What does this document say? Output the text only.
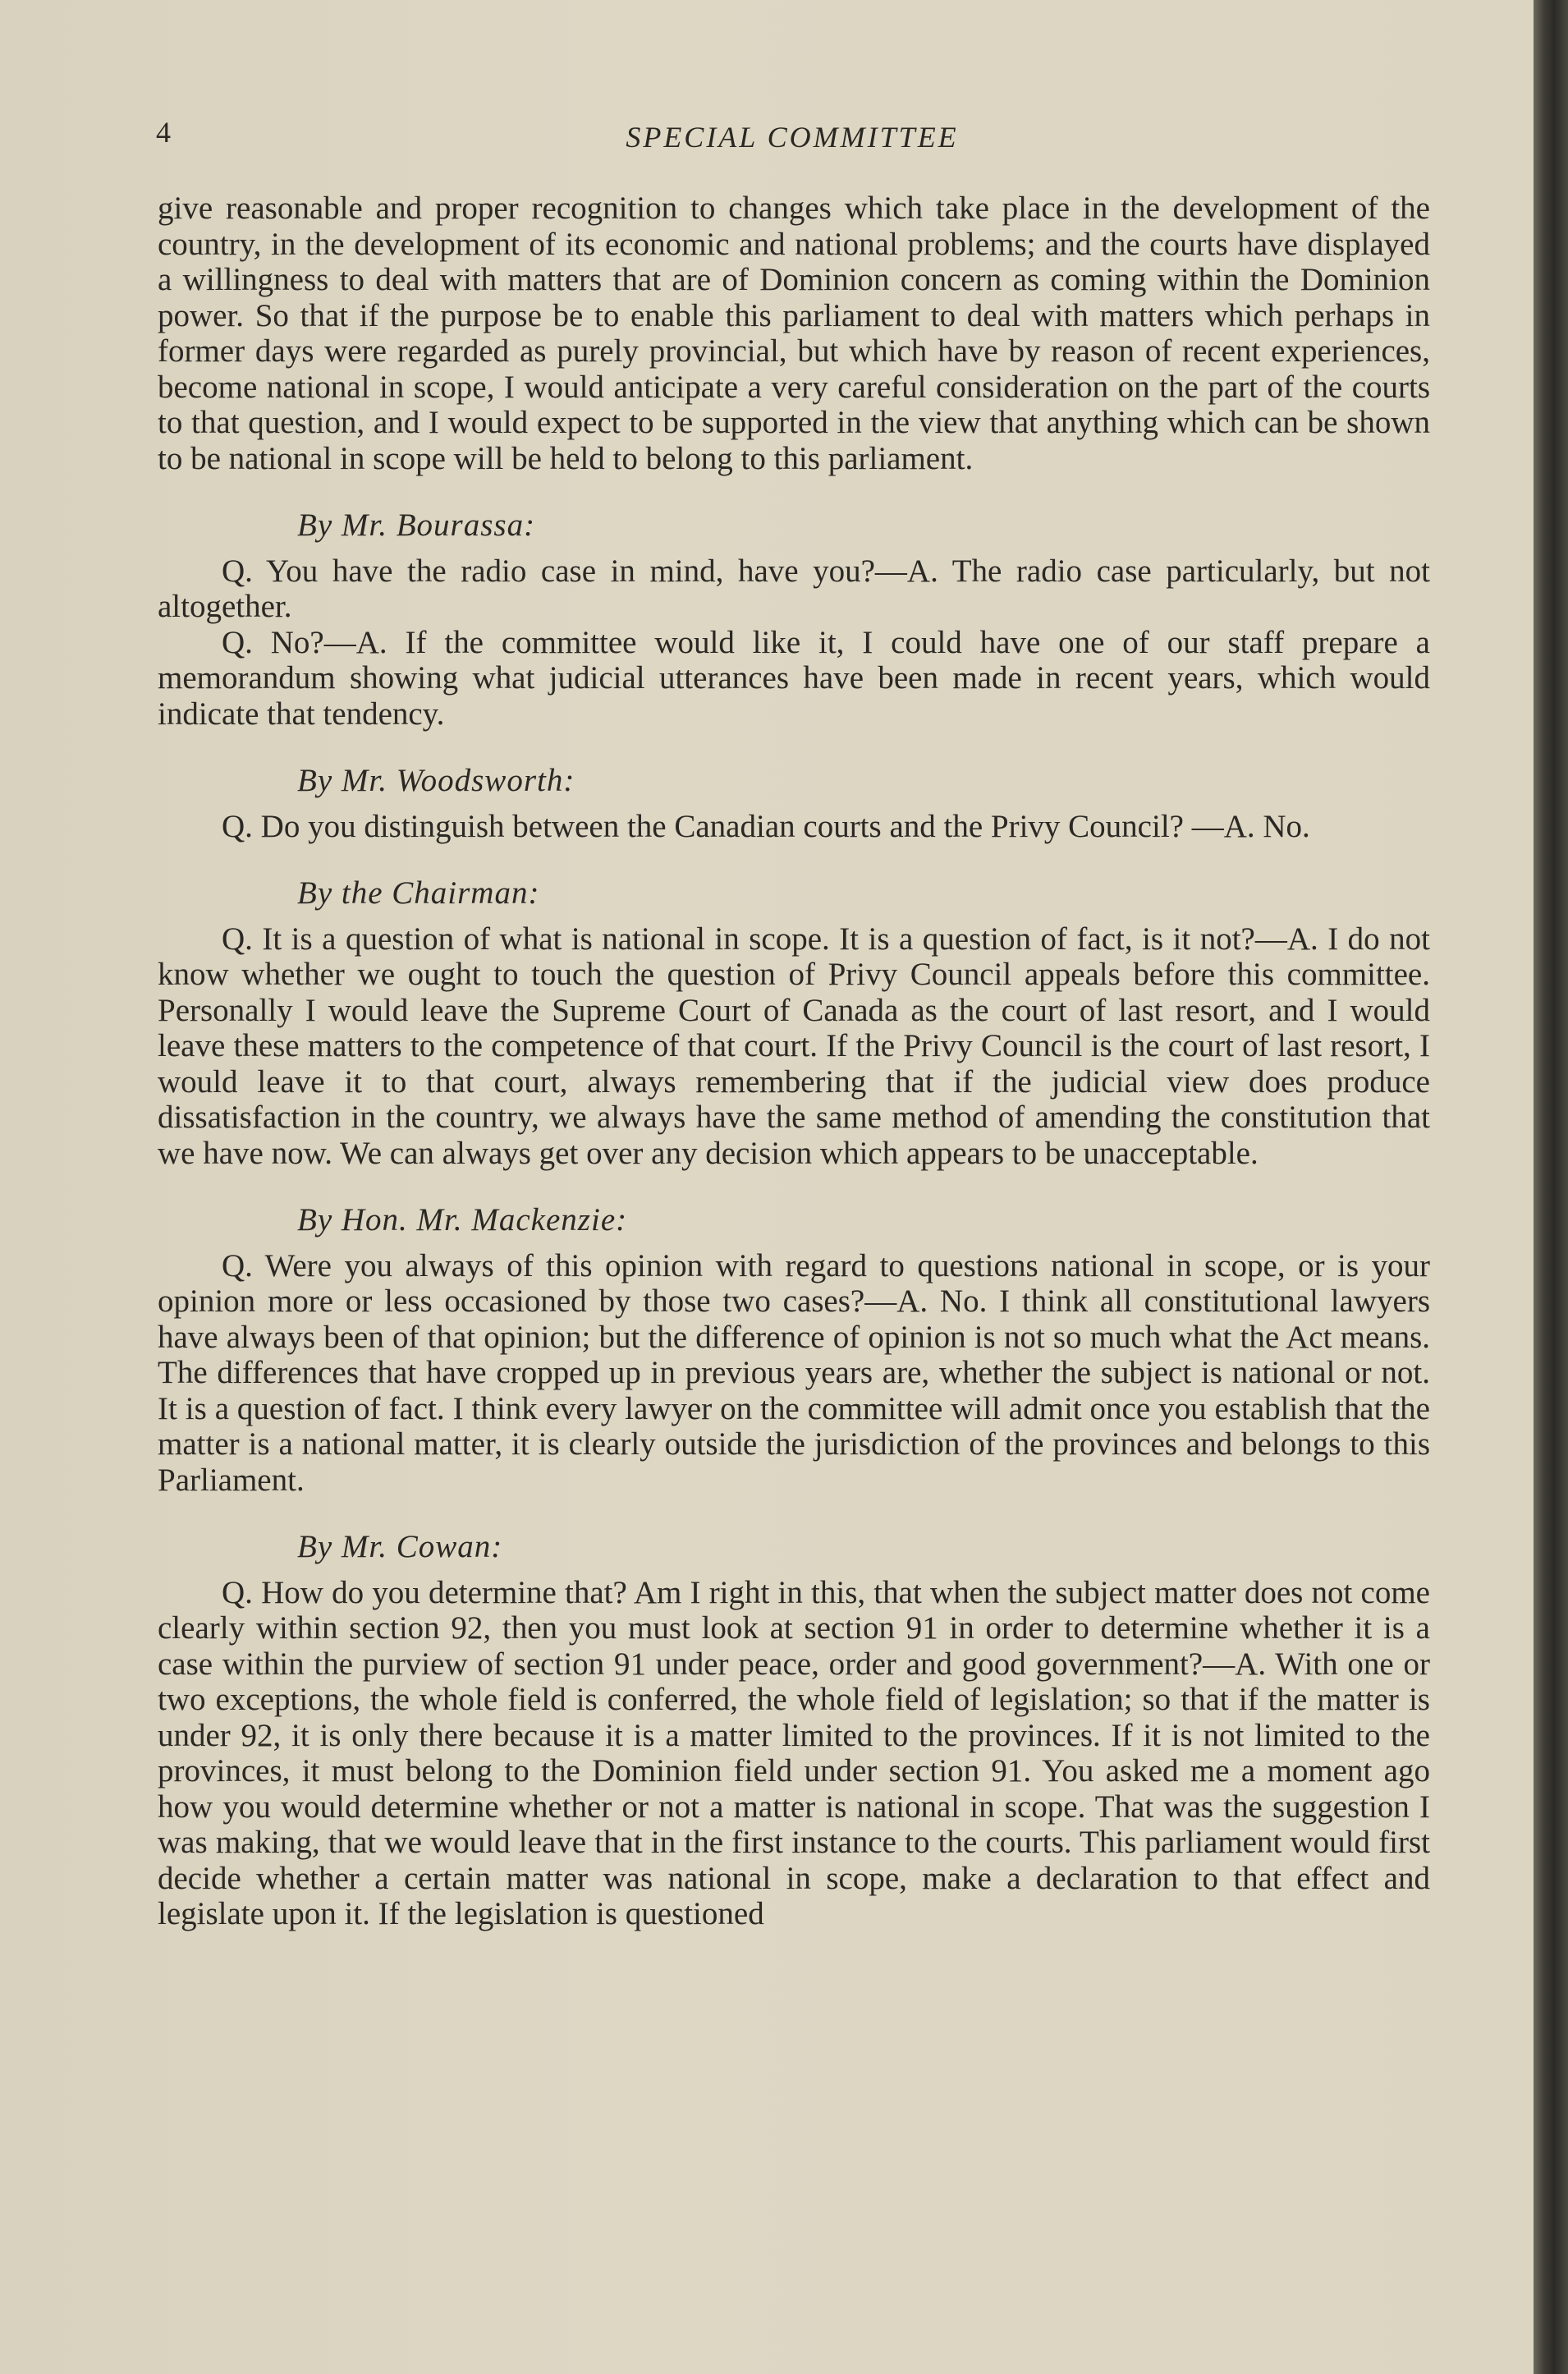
4	SPECIAL COMMITTEE

give reasonable and proper recognition to changes which take place in the development of the country, in the development of its economic and national problems; and the courts have displayed a willingness to deal with matters that are of Dominion concern as coming within the Dominion power. So that if the purpose be to enable this parliament to deal with matters which perhaps in former days were regarded as purely provincial, but which have by reason of recent experiences, become national in scope, I would anticipate a very careful consideration on the part of the courts to that question, and I would expect to be supported in the view that anything which can be shown to be national in scope will be held to belong to this parliament.

By Mr. Bourassa:

Q. You have the radio case in mind, have you?—A. The radio case particularly, but not altogether.

Q. No?—A. If the committee would like it, I could have one of our staff prepare a memorandum showing what judicial utterances have been made in recent years, which would indicate that tendency.

By Mr. Woodsworth:

Q. Do you distinguish between the Canadian courts and the Privy Council? —A. No.

By the Chairman:

Q. It is a question of what is national in scope. It is a question of fact, is it not?—A. I do not know whether we ought to touch the question of Privy Council appeals before this committee. Personally I would leave the Supreme Court of Canada as the court of last resort, and I would leave these matters to the competence of that court. If the Privy Council is the court of last resort, I would leave it to that court, always remembering that if the judicial view does produce dissatisfaction in the country, we always have the same method of amending the constitution that we have now. We can always get over any decision which appears to be unacceptable.

By Hon. Mr. Mackenzie:

Q. Were you always of this opinion with regard to questions national in scope, or is your opinion more or less occasioned by those two cases?—A. No. I think all constitutional lawyers have always been of that opinion; but the difference of opinion is not so much what the Act means. The differences that have cropped up in previous years are, whether the subject is national or not. It is a question of fact. I think every lawyer on the committee will admit once you establish that the matter is a national matter, it is clearly outside the jurisdiction of the provinces and belongs to this Parliament.

By Mr. Cowan:

Q. How do you determine that? Am I right in this, that when the subject matter does not come clearly within section 92, then you must look at section 91 in order to determine whether it is a case within the purview of section 91 under peace, order and good government?—A. With one or two exceptions, the whole field is conferred, the whole field of legislation; so that if the matter is under 92, it is only there because it is a matter limited to the provinces. If it is not limited to the provinces, it must belong to the Dominion field under section 91. You asked me a moment ago how you would determine whether or not a matter is national in scope. That was the suggestion I was making, that we would leave that in the first instance to the courts. This parliament would first decide whether a certain matter was national in scope, make a declaration to that effect and legislate upon it. If the legislation is questioned
